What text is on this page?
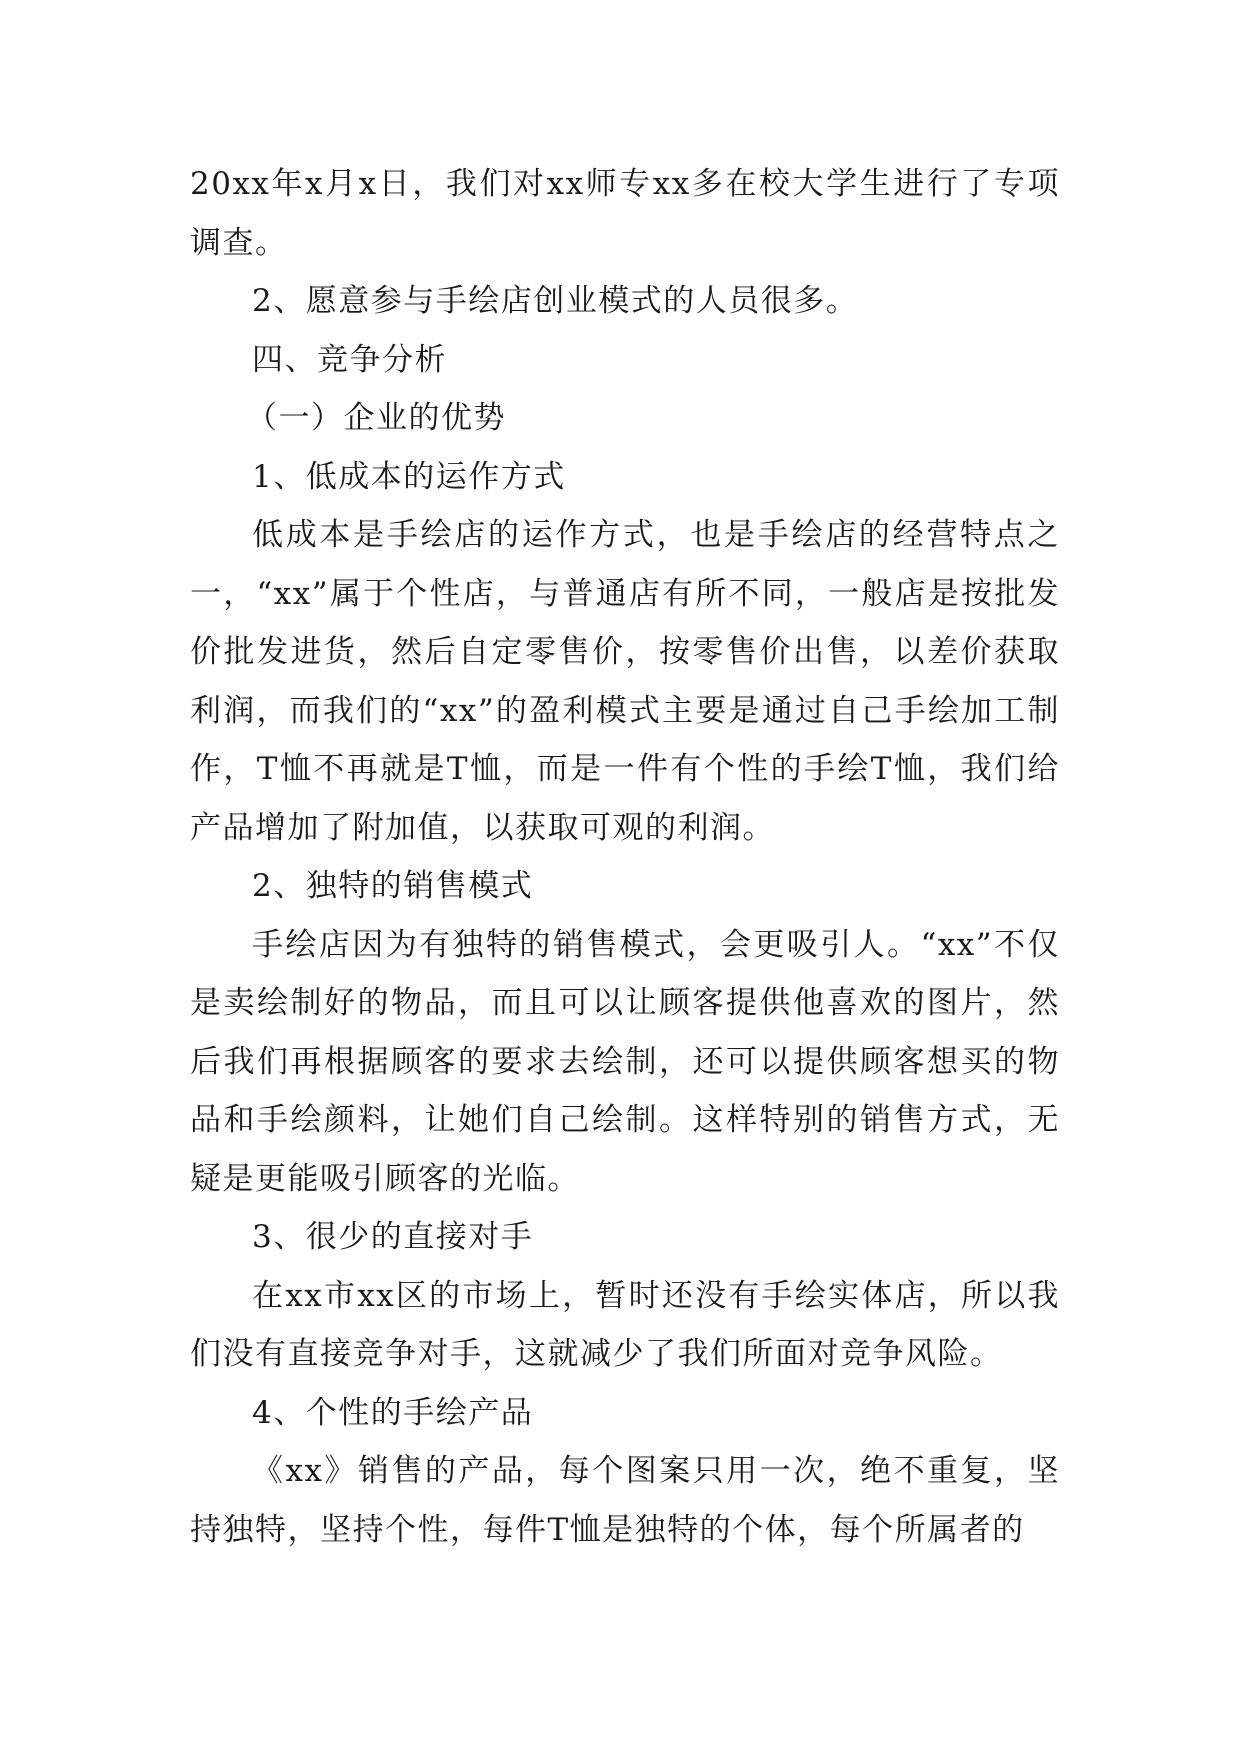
20xx年x月x日，我们对xx师专xx多在校大学生进行了专项调查。

2、愿意参与手绘店创业模式的人员很多。

四、竞争分析

（一）企业的优势

1、低成本的运作方式

低成本是手绘店的运作方式，也是手绘店的经营特点之一，“xx”属于个性店，与普通店有所不同，一般店是按批发价批发进货，然后自定零售价，按零售价出售，以差价获取利润，而我们的“xx”的盈利模式主要是通过自己手绘加工制作，T恤不再就是T恤，而是一件有个性的手绘T恤，我们给产品增加了附加值，以获取可观的利润。

2、独特的销售模式

手绘店因为有独特的销售模式，会更吸引人。“xx”不仅是卖绘制好的物品，而且可以让顾客提供他喜欢的图片，然后我们再根据顾客的要求去绘制，还可以提供顾客想买的物品和手绘颜料，让她们自己绘制。这样特别的销售方式，无疑是更能吸引顾客的光临。

3、很少的直接对手

在xx市xx区的市场上，暂时还没有手绘实体店，所以我们没有直接竞争对手，这就减少了我们所面对竞争风险。

4、个性的手绘产品

《xx》销售的产品，每个图案只用一次，绝不重复，坚持独特，坚持个性，每件T恤是独特的个体，每个所属者的
